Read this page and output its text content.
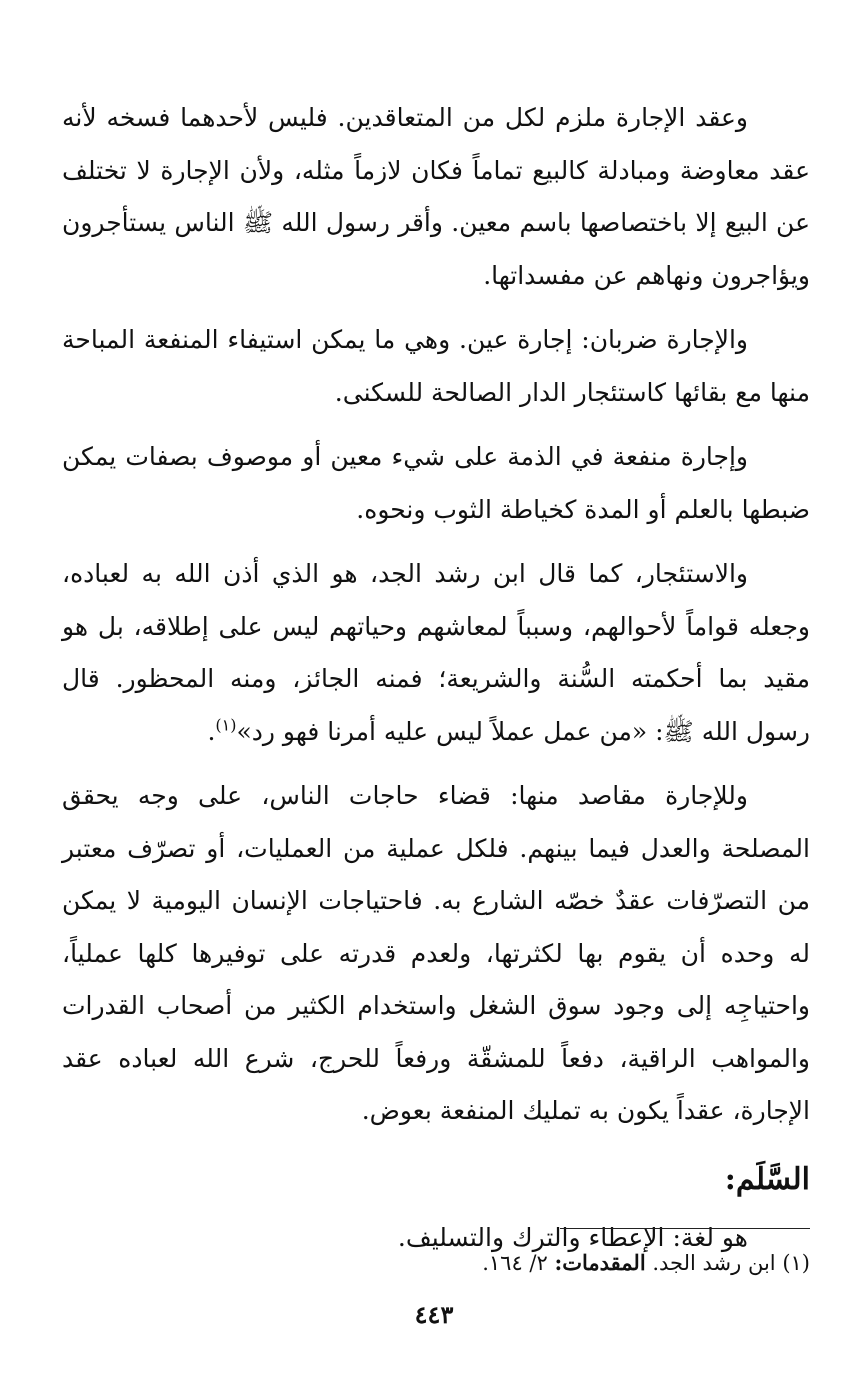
وعقد الإجارة ملزم لكل من المتعاقدين. فليس لأحدهما فسخه لأنه عقد معاوضة ومبادلة كالبيع تماماً فكان لازماً مثله، ولأن الإجارة لا تختلف عن البيع إلا باختصاصها باسم معين. وأقر رسول الله ﷺ الناس يستأجرون ويؤاجرون ونهاهم عن مفسداتها.

والإجارة ضربان: إجارة عين. وهي ما يمكن استيفاء المنفعة المباحة منها مع بقائها كاستئجار الدار الصالحة للسكنى.

وإجارة منفعة في الذمة على شيء معين أو موصوف بصفات يمكن ضبطها بالعلم أو المدة كخياطة الثوب ونحوه.

والاستئجار، كما قال ابن رشد الجد، هو الذي أذن الله به لعباده، وجعله قواماً لأحوالهم، وسبباً لمعاشهم وحياتهم ليس على إطلاقه، بل هو مقيد بما أحكمته السُّنة والشريعة؛ فمنه الجائز، ومنه المحظور. قال رسول الله ﷺ: «من عمل عملاً ليس عليه أمرنا فهو رد»$^{(١)}$.

وللإجارة مقاصد منها: قضاء حاجات الناس، على وجه يحقق المصلحة والعدل فيما بينهم. فلكل عملية من العمليات، أو تصرّف معتبر من التصرّفات عقدٌ خصّه الشارع به. فاحتياجات الإنسان اليومية لا يمكن له وحده أن يقوم بها لكثرتها، ولعدم قدرته على توفيرها كلها عملياً، واحتياجِه إلى وجود سوق الشغل واستخدام الكثير من أصحاب القدرات والمواهب الراقية، دفعاً للمشقّة ورفعاً للحرج، شرع الله لعباده عقد الإجارة، عقداً يكون به تمليك المنفعة بعوض.

السَّلَم:

هو لغة: الإعطاء والترك والتسليف.

(١) ابن رشد الجد. المقدمات: ٢/ ١٦٤.
٤٤٣
